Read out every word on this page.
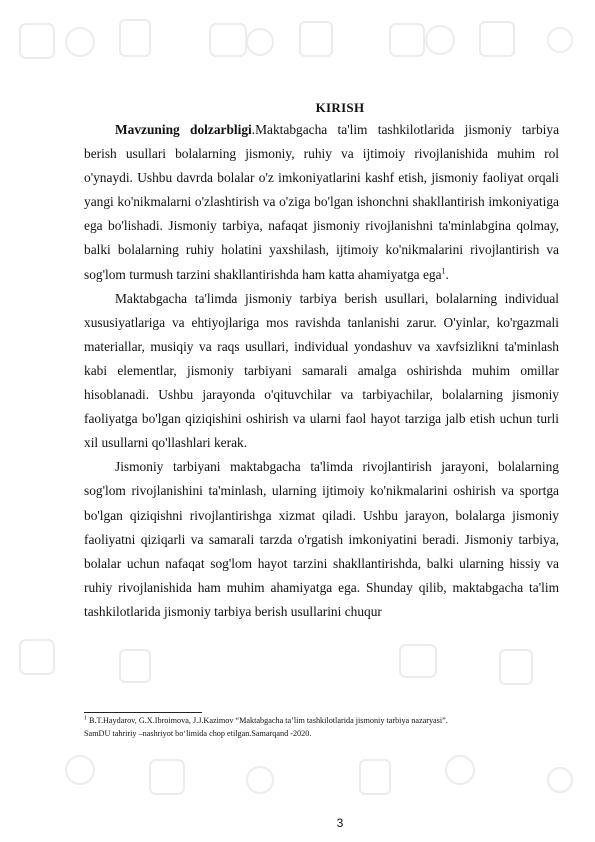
KIRISH

Mavzuning dolzarbligi.Maktabgacha ta'lim tashkilotlarida jismoniy tarbiya berish usullari bolalarning jismoniy, ruhiy va ijtimoiy rivojlanishida muhim rol o'ynaydi. Ushbu davrda bolalar o'z imkoniyatlarini kashf etish, jismoniy faoliyat orqali yangi ko'nikmalarni o'zlashtirish va o'ziga bo'lgan ishonchni shakllantirish imkoniyatiga ega bo'lishadi. Jismoniy tarbiya, nafaqat jismoniy rivojlanishni ta'minlabgina qolmay, balki bolalarning ruhiy holatini yaxshilash, ijtimoiy ko'nikmalarini rivojlantirish va sog'lom turmush tarzini shakllantirishda ham katta ahamiyatga ega$^1$.

Maktabgacha ta'limda jismoniy tarbiya berish usullari, bolalarning individual xususiyatlariga va ehtiyojlariga mos ravishda tanlanishi zarur. O'yinlar, ko'rgazmali materiallar, musiqiy va raqs usullari, individual yondashuv va xavfsizlikni ta'minlash kabi elementlar, jismoniy tarbiyani samarali amalga oshirishda muhim omillar hisoblanadi. Ushbu jarayonda o'qituvchilar va tarbiyachilar, bolalarning jismoniy faoliyatga bo'lgan qiziqishini oshirish va ularni faol hayot tarziga jalb etish uchun turli xil usullarni qo'llashlari kerak.

Jismoniy tarbiyani maktabgacha ta'limda rivojlantirish jarayoni, bolalarning sog'lom rivojlanishini ta'minlash, ularning ijtimoiy ko'nikmalarini oshirish va sportga bo'lgan qiziqishni rivojlantirishga xizmat qiladi. Ushbu jarayon, bolalarga jismoniy faoliyatni qiziqarli va samarali tarzda o'rgatish imkoniyatini beradi. Jismoniy tarbiya, bolalar uchun nafaqat sog'lom hayot tarzini shakllantirishda, balki ularning hissiy va ruhiy rivojlanishida ham muhim ahamiyatga ega. Shunday qilib, maktabgacha ta'lim tashkilotlarida jismoniy tarbiya berish usullarini chuqur

$^1$ B.T.Haydarov, G.X.Ibroimova, J.J.Kazimov “Maktabgacha ta’lim tashkilotlarida jismoniy tarbiya nazaryasi”.
SamDU tahririy –nashriyot bo‘limida chop etilgan.Samarqand -2020.
3
